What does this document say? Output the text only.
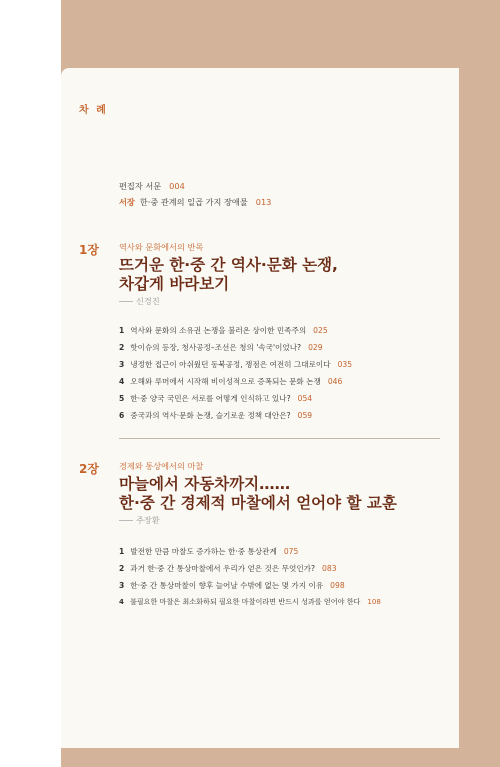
차 례
편집자 서문 004
서장 한·중 관계의 일곱 가지 장애물 013
1장 역사와 문화에서의 반목
뜨거운 한·중 간 역사·문화 논쟁,
차갑게 바라보기
신경진
1 역사와 문화의 소유권 논쟁을 불러온 상이한 민족주의 025
2 핫이슈의 등장, 청사공정–조선은 청의 '속국'이었나? 029
3 냉정한 접근이 아쉬웠던 동북공정, 쟁점은 여전히 그대로이다 035
4 오해와 루머에서 시작해 비이성적으로 증폭되는 문화 논쟁 046
5 한·중 양국 국민은 서로를 어떻게 인식하고 있나? 054
6 중국과의 역사·문화 논쟁, 슬기로운 정책 대안은? 059
2장 경제와 통상에서의 마찰
마늘에서 자동차까지……
한·중 간 경제적 마찰에서 얻어야 할 교훈
주장환
1 발전한 만큼 마찰도 증가하는 한·중 통상관계 075
2 과거 한·중 간 통상마찰에서 우리가 얻은 것은 무엇인가? 083
3 한·중 간 통상마찰이 향후 늘어날 수밖에 없는 몇 가지 이유 098
4 불필요한 마찰은 최소화하되 필요한 마찰이라면 반드시 성과를 얻어야 한다 108
